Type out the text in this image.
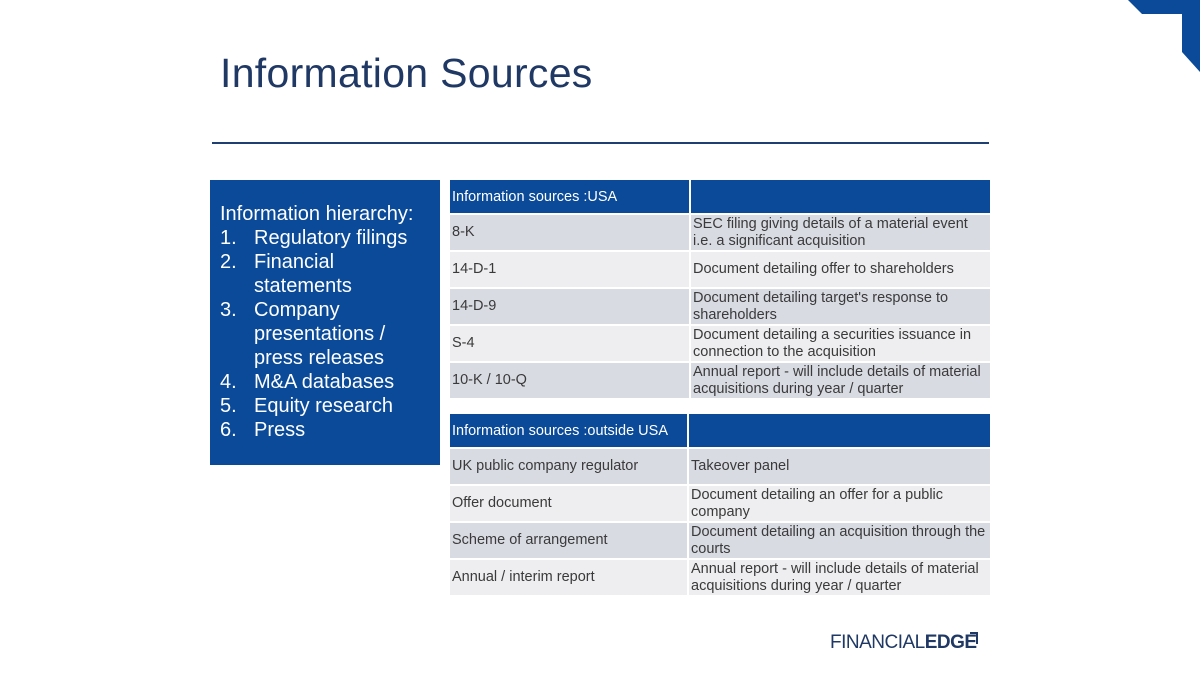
Information Sources
Information hierarchy:
1. Regulatory filings
2. Financial statements
3. Company presentations / press releases
4. M&A databases
5. Equity research
6. Press
Information sources :USA	
8-K	SEC filing giving details of a material event i.e. a significant acquisition
14-D-1	Document detailing offer to shareholders
14-D-9	Document detailing target's response to shareholders
S-4	Document detailing a securities issuance in connection to the acquisition
10-K / 10-Q	Annual report - will include details of material acquisitions during year / quarter
Information sources :outside USA	
UK public company regulator	Takeover panel
Offer document	Document detailing an offer for a public company
Scheme of arrangement	Document detailing an acquisition through the courts
Annual / interim report	Annual report - will include details of material acquisitions during year / quarter
FINANCIALEDGE
